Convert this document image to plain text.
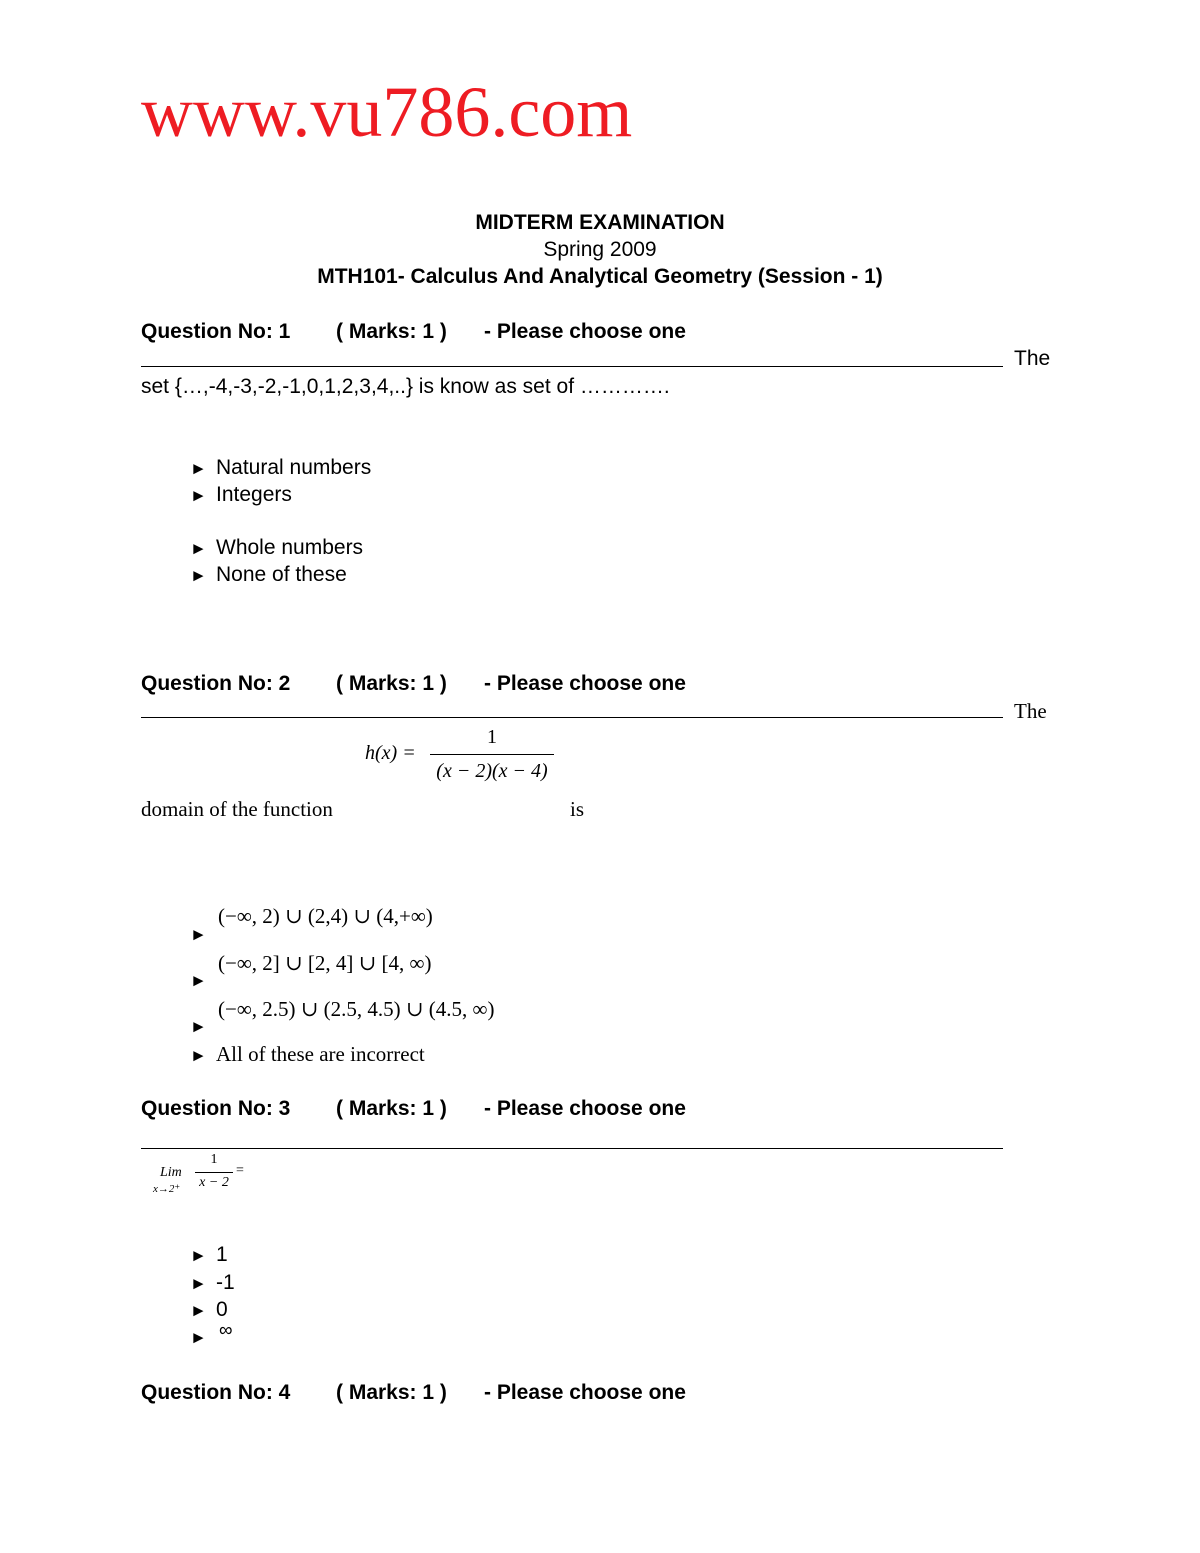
www.vu786.com
MIDTERM EXAMINATION
Spring 2009
MTH101- Calculus And Analytical Geometry (Session - 1)
Question No: 1 ( Marks: 1 ) - Please choose one
The
set {…,-4,-3,-2,-1,0,1,2,3,4,..} is know as set of ………….
► Natural numbers
► Integers
► Whole numbers
► None of these
Question No: 2 ( Marks: 1 ) - Please choose one
The
h(x) =
1
(x − 2)(x − 4)
domain of the function	is
►
(−∞, 2) ∪ (2,4) ∪ (4,+∞)
►
(−∞, 2] ∪ [2, 4] ∪ [4, ∞)
►
(−∞, 2.5) ∪ (2.5, 4.5) ∪ (4.5, ∞)
► All of these are incorrect
Question No: 3 ( Marks: 1 ) - Please choose one
Lim
x→2⁺
1
x − 2
=
► 1
► -1
► 0
► ∞
Question No: 4 ( Marks: 1 ) - Please choose one
